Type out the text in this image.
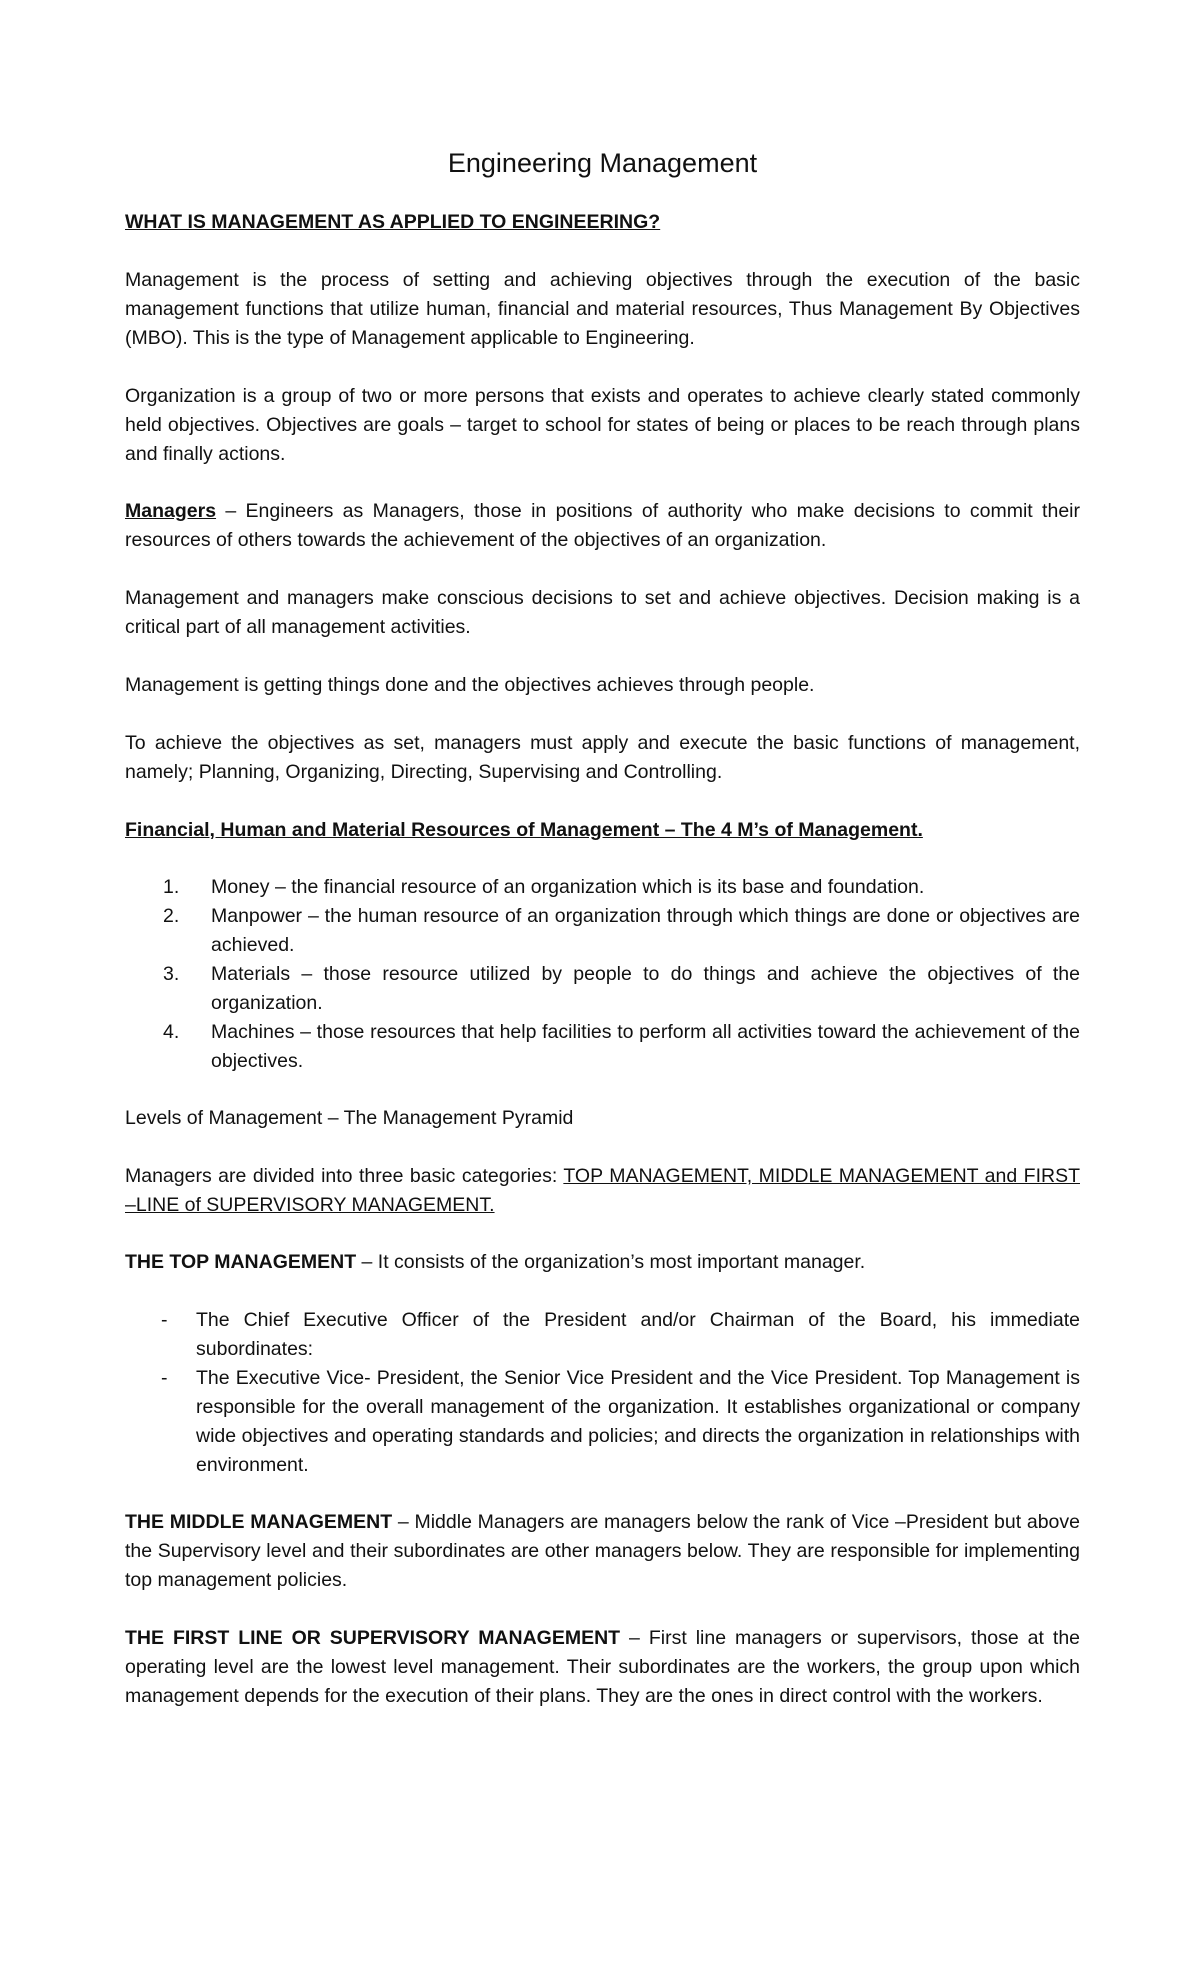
Engineering Management

WHAT IS MANAGEMENT AS APPLIED TO ENGINEERING?

Management is the process of setting and achieving objectives through the execution of the basic management functions that utilize human, financial and material resources, Thus Management By Objectives (MBO). This is the type of Management applicable to Engineering.

Organization is a group of two or more persons that exists and operates to achieve clearly stated commonly held objectives. Objectives are goals – target to school for states of being or places to be reach through plans and finally actions.

Managers – Engineers as Managers, those in positions of authority who make decisions to commit their resources of others towards the achievement of the objectives of an organization.

Management and managers make conscious decisions to set and achieve objectives. Decision making is a critical part of all management activities.

Management is getting things done and the objectives achieves through people.

To achieve the objectives as set, managers must apply and execute the basic functions of management, namely; Planning, Organizing, Directing, Supervising and Controlling.

Financial, Human and Material Resources of Management – The 4 M’s of Management.

1.	Money – the financial resource of an organization which is its base and foundation.
2.	Manpower – the human resource of an organization through which things are done or objectives are achieved.
3.	Materials – those resource utilized by people to do things and achieve the objectives of the organization.
4.	Machines – those resources that help facilities to perform all activities toward the achievement of the objectives.

Levels of Management – The Management Pyramid

Managers are divided into three basic categories: TOP MANAGEMENT, MIDDLE MANAGEMENT and FIRST –LINE of SUPERVISORY MANAGEMENT.

THE TOP MANAGEMENT – It consists of the organization’s most important manager.

-	The Chief Executive Officer of the President and/or Chairman of the Board, his immediate subordinates:
-	The Executive Vice- President, the Senior Vice President and the Vice President. Top Management is responsible for the overall management of the organization. It establishes organizational or company wide objectives and operating standards and policies; and directs the organization in relationships with environment.

THE MIDDLE MANAGEMENT – Middle Managers are managers below the rank of Vice –President but above the Supervisory level and their subordinates are other managers below. They are responsible for implementing top management policies.

THE FIRST LINE OR SUPERVISORY MANAGEMENT – First line managers or supervisors, those at the operating level are the lowest level management. Their subordinates are the workers, the group upon which management depends for the execution of their plans. They are the ones in direct control with the workers.
